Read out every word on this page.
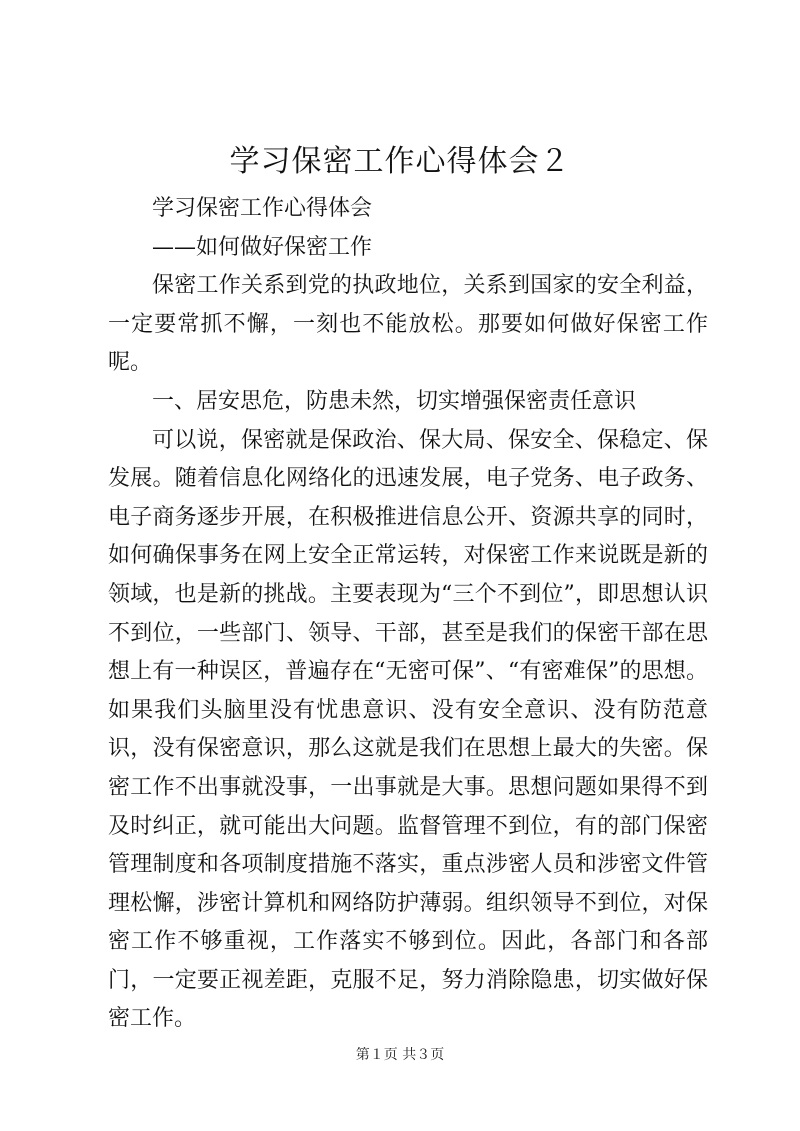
学习保密工作心得体会２

学习保密工作心得体会

——如何做好保密工作

保密工作关系到党的执政地位，关系到国家的安全利益，一定要常抓不懈，一刻也不能放松。那要如何做好保密工作呢。

一、居安思危，防患未然，切实增强保密责任意识

可以说，保密就是保政治、保大局、保安全、保稳定、保发展。随着信息化网络化的迅速发展，电子党务、电子政务、电子商务逐步开展，在积极推进信息公开、资源共享的同时，如何确保事务在网上安全正常运转，对保密工作来说既是新的领域，也是新的挑战。主要表现为“三个不到位”，即思想认识不到位，一些部门、领导、干部，甚至是我们的保密干部在思想上有一种误区，普遍存在“无密可保”、“有密难保”的思想。如果我们头脑里没有忧患意识、没有安全意识、没有防范意识，没有保密意识，那么这就是我们在思想上最大的失密。保密工作不出事就没事，一出事就是大事。思想问题如果得不到及时纠正，就可能出大问题。监督管理不到位，有的部门保密管理制度和各项制度措施不落实，重点涉密人员和涉密文件管理松懈，涉密计算机和网络防护薄弱。组织领导不到位，对保密工作不够重视，工作落实不够到位。因此，各部门和各部门，一定要正视差距，克服不足，努力消除隐患，切实做好保密工作。

第１页 共３页
